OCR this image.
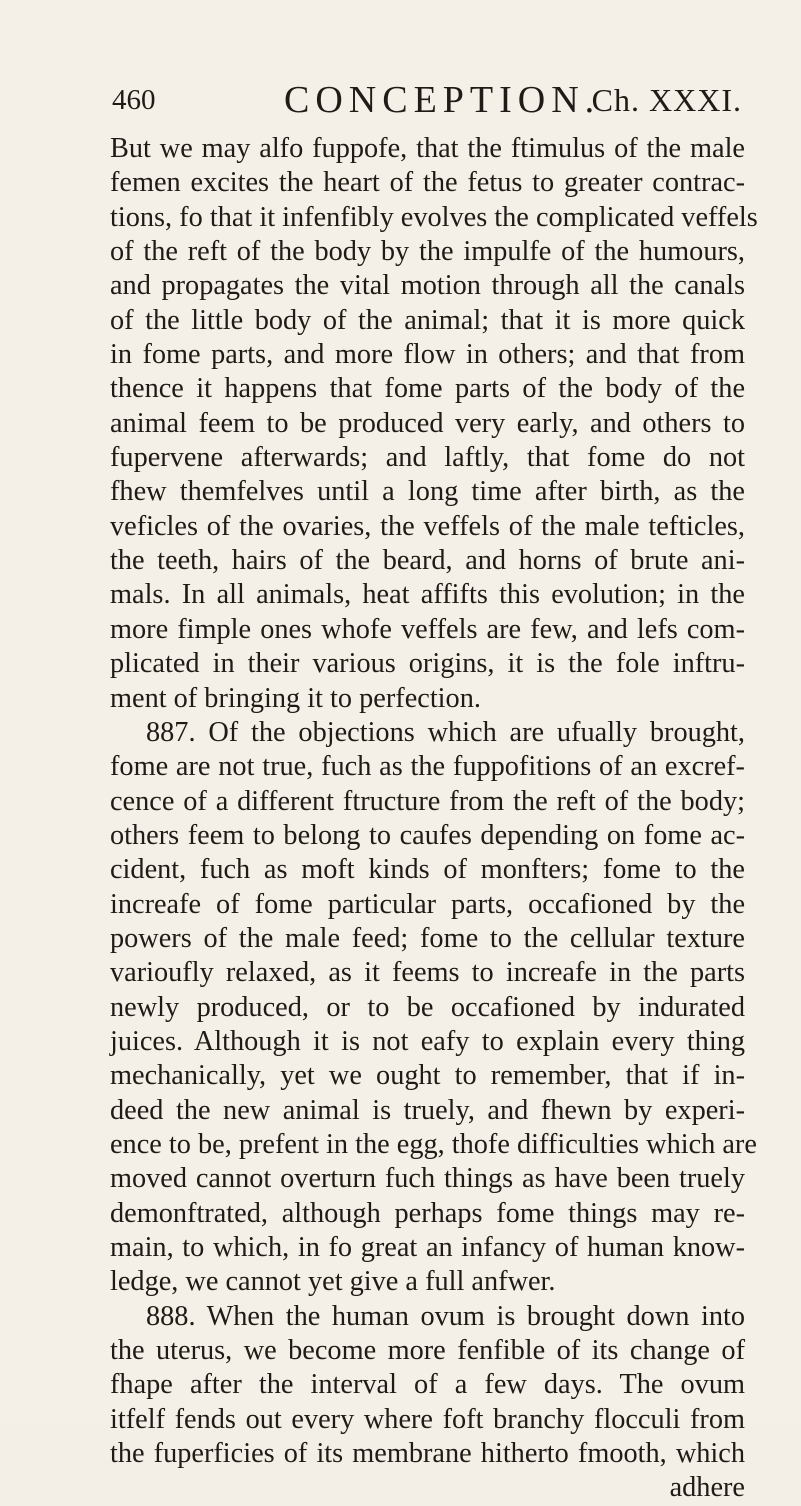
460	CONCEPTION.
Ch. XXXI.
But we may alfo fuppofe, that the ftimulus of the male
femen excites the heart of the fetus to greater contrac-
tions, fo that it infenfibly evolves the complicated veffels
of the reft of the body by the impulfe of the humours,
and propagates the vital motion through all the canals
of the little body of the animal; that it is more quick
in fome parts, and more flow in others; and that from
thence it happens that fome parts of the body of the
animal feem to be produced very early, and others to
fupervene afterwards; and laftly, that fome do not
fhew themfelves until a long time after birth, as the
veficles of the ovaries, the veffels of the male tefticles,
the teeth, hairs of the beard, and horns of brute ani-
mals. In all animals, heat affifts this evolution; in the
more fimple ones whofe veffels are few, and lefs com-
plicated in their various origins, it is the fole inftru-
ment of bringing it to perfection.
887. Of the objections which are ufually brought,
fome are not true, fuch as the fuppofitions of an excref-
cence of a different ftructure from the reft of the body;
others feem to belong to caufes depending on fome ac-
cident, fuch as moft kinds of monfters; fome to the
increafe of fome particular parts, occafioned by the
powers of the male feed; fome to the cellular texture
varioufly relaxed, as it feems to increafe in the parts
newly produced, or to be occafioned by indurated
juices. Although it is not eafy to explain every thing
mechanically, yet we ought to remember, that if in-
deed the new animal is truely, and fhewn by experi-
ence to be, prefent in the egg, thofe difficulties which are
moved cannot overturn fuch things as have been truely
demonftrated, although perhaps fome things may re-
main, to which, in fo great an infancy of human know-
ledge, we cannot yet give a full anfwer.
888. When the human ovum is brought down into
the uterus, we become more fenfible of its change of
fhape after the interval of a few days. The ovum
itfelf fends out every where foft branchy flocculi from
the fuperficies of its membrane hitherto fmooth, which
adhere
